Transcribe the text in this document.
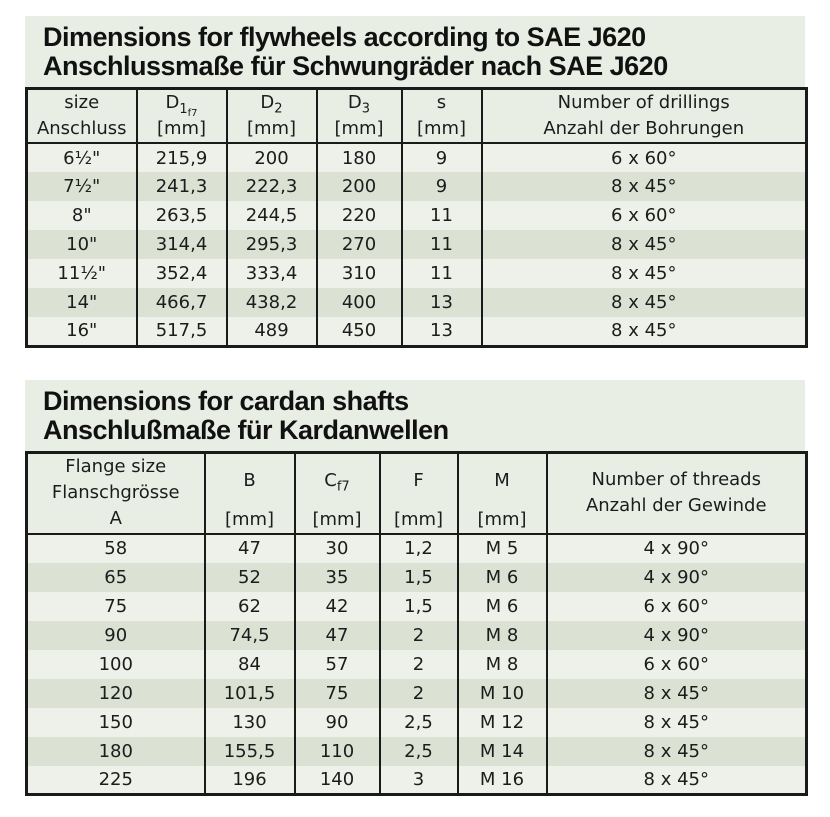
Dimensions for flywheels according to SAE J620
Anschlussmaße für Schwungräder nach SAE J620
size
Anschluss

$D_{1_{f7}}$
[mm]

$D_2$
[mm]

$D_3$
[mm]

s
[mm]

Number of drillings
Anzahl der Bohrungen

6½"	215,9	200	180	9	6 x 60°
7½"	241,3	222,3	200	9	8 x 45°
8"	263,5	244,5	220	11	6 x 60°
10"	314,4	295,3	270	11	8 x 45°
11½"	352,4	333,4	310	11	8 x 45°
14"	466,7	438,2	400	13	8 x 45°
16"	517,5	489	450	13	8 x 45°
Dimensions for cardan shafts
Anschlußmaße für Kardanwellen
Flange size
Flanschgrösse
A

B
[mm]

$C_{f7}$
[mm]

F
[mm]

M
[mm]

Number of threads
Anzahl der Gewinde

58	47	30	1,2	M 5	4 x 90°
65	52	35	1,5	M 6	4 x 90°
75	62	42	1,5	M 6	6 x 60°
90	74,5	47	2	M 8	4 x 90°
100	84	57	2	M 8	6 x 60°
120	101,5	75	2	M 10	8 x 45°
150	130	90	2,5	M 12	8 x 45°
180	155,5	110	2,5	M 14	8 x 45°
225	196	140	3	M 16	8 x 45°
